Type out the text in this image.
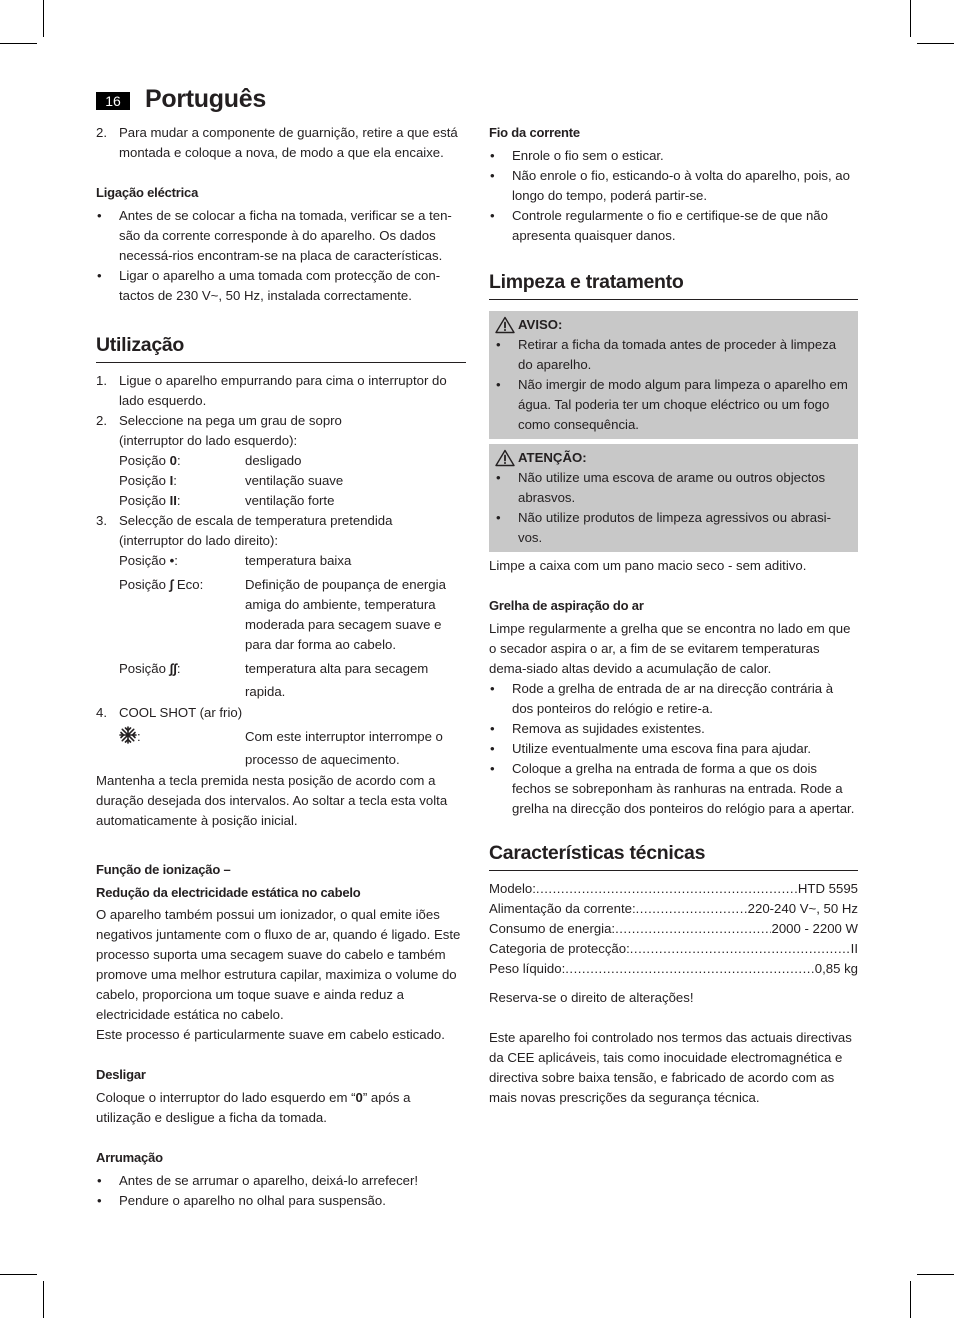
16 Português
2. Para mudar a componente de guarnição, retire a que está montada e coloque a nova, de modo a que ela encaixe.
Ligação eléctrica
•	Antes de se colocar a ficha na tomada, verificar se a ten-são da corrente corresponde à do aparelho. Os dados necessá-rios encontram-se na placa de características.
•	Ligar o aparelho a uma tomada com protecção de con-tactos de 230 V~, 50 Hz, instalada correctamente.
Utilização
1. Ligue o aparelho empurrando para cima o interruptor do lado esquerdo.
2. Seleccione na pega um grau de sopro
(interruptor do lado esquerdo):
Posição 0:	desligado
Posição I:	ventilação suave
Posição II:	ventilação forte
3. Selecção de escala de temperatura pretendida
(interruptor do lado direito):
Posição •:	temperatura baixa
Posição ∫ Eco:	Definição de poupança de energia amiga do ambiente, temperatura moderada para secagem suave e para dar forma ao cabelo.
Posição ∫∫:	temperatura alta para secagem rapida.
4. COOL SHOT (ar frio)
:	Com este interruptor interrompe o processo de aquecimento.
Mantenha a tecla premida nesta posição de acordo com a duração desejada dos intervalos. Ao soltar a tecla esta volta automaticamente à posição inicial.
Função de ionização –
Redução da electricidade estática no cabelo
O aparelho também possui um ionizador, o qual emite iões negativos juntamente com o fluxo de ar, quando é ligado. Este processo suporta uma secagem suave do cabelo e também promove uma melhor estrutura capilar, maximiza o volume do cabelo, proporciona um toque suave e ainda reduz a electricidade estática no cabelo.
Este processo é particularmente suave em cabelo esticado.
Desligar
Coloque o interruptor do lado esquerdo em “0” após a utilização e desligue a ficha da tomada.
Arrumação
•	Antes de se arrumar o aparelho, deixá-lo arrefecer!
•	Pendure o aparelho no olhal para suspensão.
Fio da corrente
•	Enrole o fio sem o esticar.
•	Não enrole o fio, esticando-o à volta do aparelho, pois, ao longo do tempo, poderá partir-se.
•	Controle regularmente o fio e certifique-se de que não apresenta quaisquer danos.
Limpeza e tratamento
AVISO:
•	Retirar a ficha da tomada antes de proceder à limpeza do aparelho.
•	Não imergir de modo algum para limpeza o aparelho em água. Tal poderia ter um choque eléctrico ou um fogo como consequência.
ATENÇÃO:
•	Não utilize uma escova de arame ou outros objectos abrasvos.
•	Não utilize produtos de limpeza agressivos ou abrasi-vos.
Limpe a caixa com um pano macio seco - sem aditivo.
Grelha de aspiração do ar
Limpe regularmente a grelha que se encontra no lado em que o secador aspira o ar, a fim de se evitarem temperaturas dema-siado altas devido a acumulação de calor.
•	Rode a grelha de entrada de ar na direcção contrária à dos ponteiros do relógio e retire-a.
•	Remova as sujidades existentes.
•	Utilize eventualmente uma escova fina para ajudar.
•	Coloque a grelha na entrada de forma a que os dois fechos se sobreponham às ranhuras na entrada. Rode a grelha na direcção dos ponteiros do relógio para a apertar.
Características técnicas
Modelo: .....	HTD 5595
Alimentação da corrente: .....	220-240 V~, 50 Hz
Consumo de energia: .....	2000 - 2200 W
Categoria de protecção: .....	II
Peso líquido: .....	0,85 kg
Reserva-se o direito de alterações!
Este aparelho foi controlado nos termos das actuais directivas da CEE aplicáveis, tais como inocuidade electromagnética e directiva sobre baixa tensão, e fabricado de acordo com as mais novas prescrições da segurança técnica.
